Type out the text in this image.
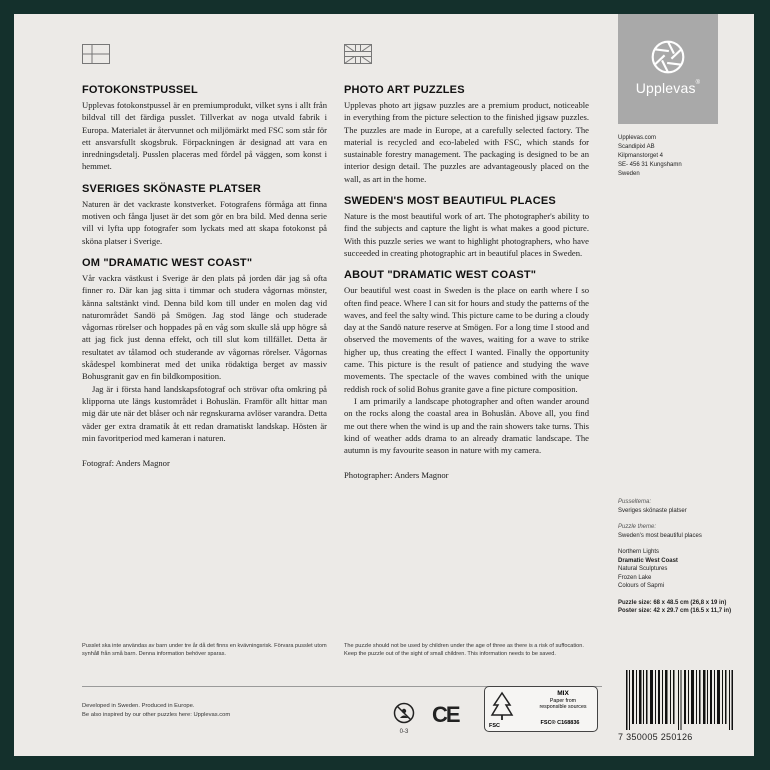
FOTOKONSTPUSSEL

Upplevas fotokonstpussel är en premiumprodukt, vilket syns i allt från bildval till det färdiga pusslet. Tillverkat av noga utvald fabrik i Europa. Materialet är återvunnet och miljömärkt med FSC som står för ett ansvarsfullt skogsbruk. Förpackningen är designad att vara en inredningsdetalj. Pusslen placeras med fördel på väggen, som konst i hemmet.

SVERIGES SKÖNASTE PLATSER

Naturen är det vackraste konstverket. Fotografens förmåga att finna motiven och fånga ljuset är det som gör en bra bild. Med denna serie vill vi lyfta upp fotografer som lyckats med att skapa fotokonst på sköna platser i Sverige.

OM "DRAMATIC WEST COAST"

Vår vackra västkust i Sverige är den plats på jorden där jag så ofta finner ro. Där kan jag sitta i timmar och studera vågornas mönster, känna saltstänkt vind. Denna bild kom till under en molen dag vid naturområdet Sandö på Smögen. Jag stod länge och studerade vågornas rörelser och hoppades på en våg som skulle slå upp högre så att jag fick just denna effekt, och till slut kom tillfället. Detta är resultatet av tålamod och studerande av vågornas rörelser. Vågornas skådespel kombinerat med det unika rödaktiga berget av massiv Bohusgranit gav en fin bildkomposition.

Jag är i första hand landskapsfotograf och strövar ofta omkring på klipporna ute längs kustområdet i Bohuslän. Framför allt hittar man mig där ute när det blåser och när regnskurarna avlöser varandra. Detta väder ger extra dramatik åt ett redan dramatiskt landskap. Hösten är min favoritperiod med kameran i naturen.

Fotograf: Anders Magnor

PHOTO ART PUZZLES

Upplevas photo art jigsaw puzzles are a premium product, noticeable in everything from the picture selection to the finished jigsaw puzzles. The puzzles are made in Europe, at a carefully selected factory. The material is recycled and eco-labeled with FSC, which stands for sustainable forestry management. The packaging is designed to be an interior design detail. The puzzles are advantageously placed on the wall, as art in the home.

SWEDEN'S MOST BEAUTIFUL PLACES

Nature is the most beautiful work of art. The photographer's ability to find the subjects and capture the light is what makes a good picture. With this puzzle series we want to highlight photographers, who have succeeded in creating photographic art in beautiful places in Sweden.

ABOUT "DRAMATIC WEST COAST"

Our beautiful west coast in Sweden is the place on earth where I so often find peace. Where I can sit for hours and study the patterns of the waves, and feel the salty wind. This picture came to be during a cloudy day at the Sandö nature reserve at Smögen. For a long time I stood and observed the movements of the waves, waiting for a wave to strike higher up, thus creating the effect I wanted. Finally the opportunity came. This picture is the result of patience and studying the wave movements. The spectacle of the waves combined with the unique reddish rock of solid Bohus granite gave a fine picture composition.

I am primarily a landscape photographer and often wander around on the rocks along the coastal area in Bohuslän. Above all, you find me out there when the wind is up and the rain showers take turns. This kind of weather adds drama to an already dramatic landscape. The autumn is my favourite season in nature with my camera.

Photographer: Anders Magnor

Upplevas®
Upplevas.com
Scandipixl AB
Kilpmanstorget 4
SE- 456 31 Kungshamn
Sweden
Pusseltema:
Sveriges skönaste platser
Puzzle theme:
Sweden's most beautiful places
Northern Lights
Dramatic West Coast
Natural Sculptures
Frozen Lake
Colours of Sapmi
Puzzle size: 68 x 48.5 cm (26,8 x 19 in)
Poster size: 42 x 29.7 cm (16.5 x 11,7 in)
Pusslet ska inte användas av barn under tre år då det finns en kvävningsrisk. Förvara pusslet utom synhåll från små barn. Denna information behöver sparas.
The puzzle should not be used by children under the age of three as there is a risk of suffocation. Keep the puzzle out of the sight of small children. This information needs to be saved.
Developed in Sweden. Produced in Europe.
Be also inspired by our other puzzles here: Upplevas.com
0-3
CE	FSC
MIX
Paper from
responsible sources
FSC® C168836
7 350005 250126
